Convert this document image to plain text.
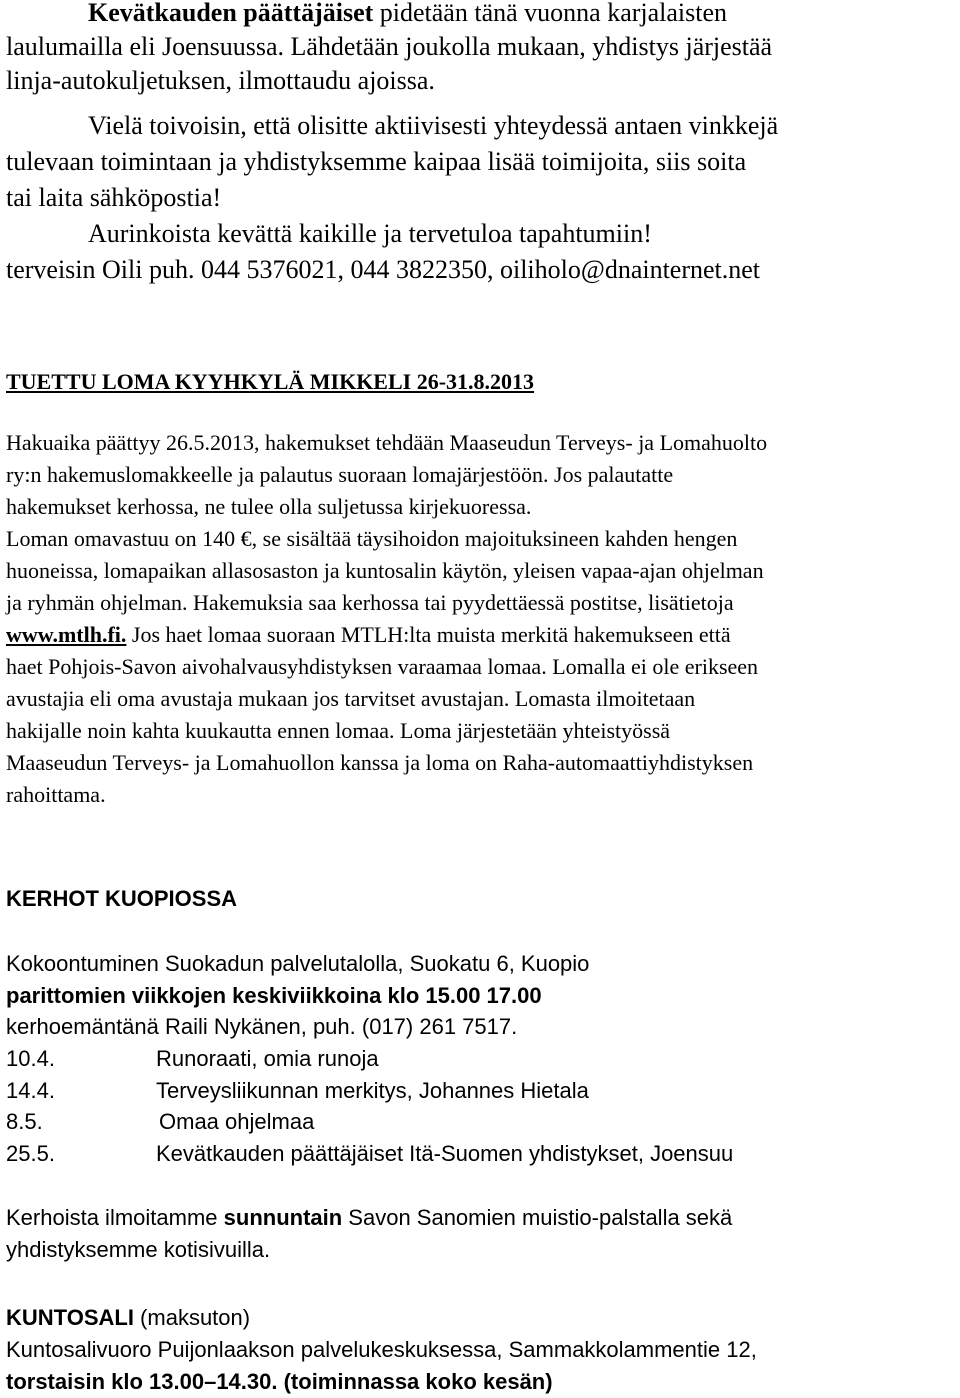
Kevätkauden päättäjäiset pidetään tänä vuonna karjalaisten
laulumailla eli Joensuussa. Lähdetään joukolla mukaan, yhdistys järjestää
linja-autokuljetuksen, ilmottaudu ajoissa.
Vielä toivoisin, että olisitte aktiivisesti yhteydessä antaen vinkkejä
tulevaan toimintaan ja yhdistyksemme kaipaa lisää toimijoita, siis soita
tai laita sähköpostia!
Aurinkoista kevättä kaikille ja tervetuloa tapahtumiin!
terveisin Oili puh. 044 5376021, 044 3822350, oiliholo@dnainternet.net
TUETTU LOMA KYYHKYLÄ MIKKELI 26-31.8.2013
Hakuaika päättyy 26.5.2013, hakemukset tehdään Maaseudun Terveys- ja Lomahuolto
ry:n hakemuslomakkeelle ja palautus suoraan lomajärjestöön. Jos palautatte
hakemukset kerhossa, ne tulee olla suljetussa kirjekuoressa.
Loman omavastuu on 140 €, se sisältää täysihoidon majoituksineen kahden hengen
huoneissa, lomapaikan allasosaston ja kuntosalin käytön, yleisen vapaa-ajan ohjelman
ja ryhmän ohjelman. Hakemuksia saa kerhossa tai pyydettäessä postitse, lisätietoja
www.mtlh.fi. Jos haet lomaa suoraan MTLH:lta muista merkitä hakemukseen että
haet Pohjois-Savon aivohalvausyhdistyksen varaamaa lomaa. Lomalla ei ole erikseen
avustajia eli oma avustaja mukaan jos tarvitset avustajan. Lomasta ilmoitetaan
hakijalle noin kahta kuukautta ennen lomaa. Loma järjestetään yhteistyössä
Maaseudun Terveys- ja Lomahuollon kanssa ja loma on Raha-automaattiyhdistyksen
rahoittama.
KERHOT KUOPIOSSA
Kokoontuminen Suokadun palvelutalolla, Suokatu 6, Kuopio
parittomien viikkojen keskiviikkoina klo 15.00 17.00
kerhoemäntänä Raili Nykänen, puh. (017) 261 7517.
10.4.	Runoraati, omia runoja
14.4.	Terveysliikunnan merkitys, Johannes Hietala
8.5.	Omaa ohjelmaa
25.5.	Kevätkauden päättäjäiset Itä-Suomen yhdistykset, Joensuu
Kerhoista ilmoitamme sunnuntain Savon Sanomien muistio-palstalla sekä
yhdistyksemme kotisivuilla.
KUNTOSALI (maksuton)
Kuntosalivuoro Puijonlaakson palvelukeskuksessa, Sammakkolammentie 12,
torstaisin klo 13.00–14.30. (toiminnassa koko kesän)
